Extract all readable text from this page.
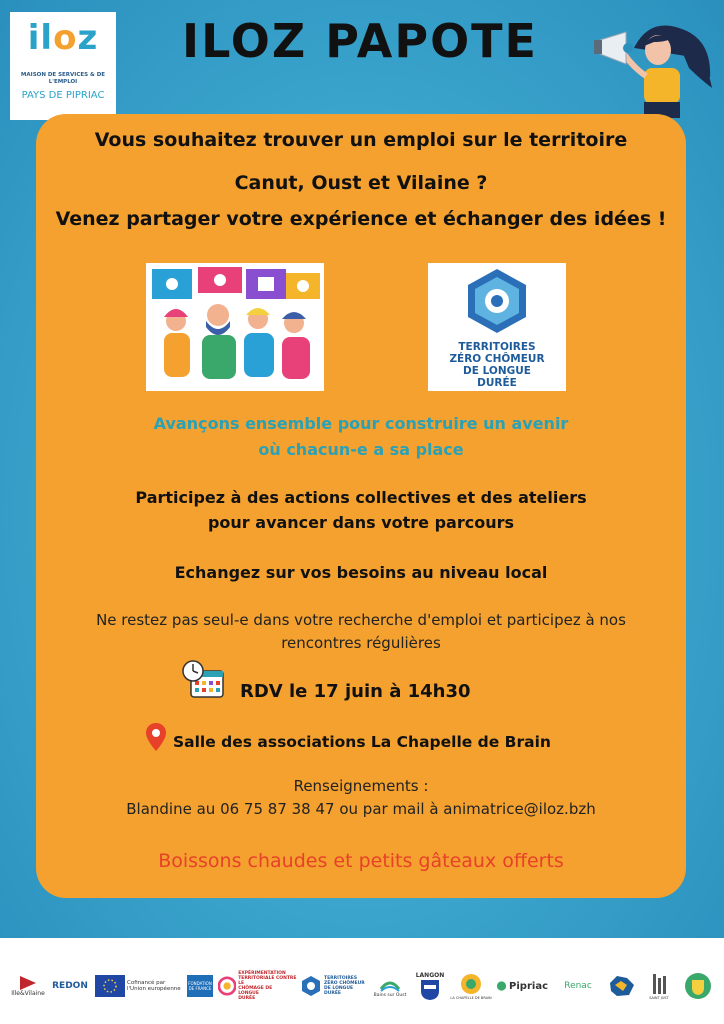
iloz
MAISON DE SERVICES & DE L'EMPLOI
PAYS DE PIPRIAC
ILOZ PAPOTE
Vous souhaitez trouver un emploi sur le territoire
Canut, Oust et Vilaine ?
Venez partager votre expérience et échanger des idées !
TERRITOIRES
ZÉRO CHÔMEUR
DE LONGUE
DURÉE
Avançons ensemble pour construire un avenir
où chacun-e a sa place
Participez à des actions collectives et des ateliers
pour avancer dans votre parcours
Echangez sur vos besoins au niveau local
Ne restez pas seul-e dans votre recherche d'emploi et participez à nos
rencontres régulières
RDV le 17 juin à 14h30
Salle des associations La Chapelle de Brain
Renseignements :
Blandine au 06 75 87 38 47 ou par mail à animatrice@iloz.bzh
Boissons chaudes et petits gâteaux offerts
Ille&Vilaine
REDON	Cofinancé par
l'Union européenne
FONDATION DE FRANCE
EXPÉRIMENTATION
TERRITORIALE CONTRE LE
CHÔMAGE DE
LONGUE
DURÉE
TERRITOIRES
ZÉRO CHÔMEUR
DE LONGUE
DURÉE	Bains sur Oust
LANGON
LA CHAPELLE DE BRAIN
Pipriac Renac
SAINT JUST
